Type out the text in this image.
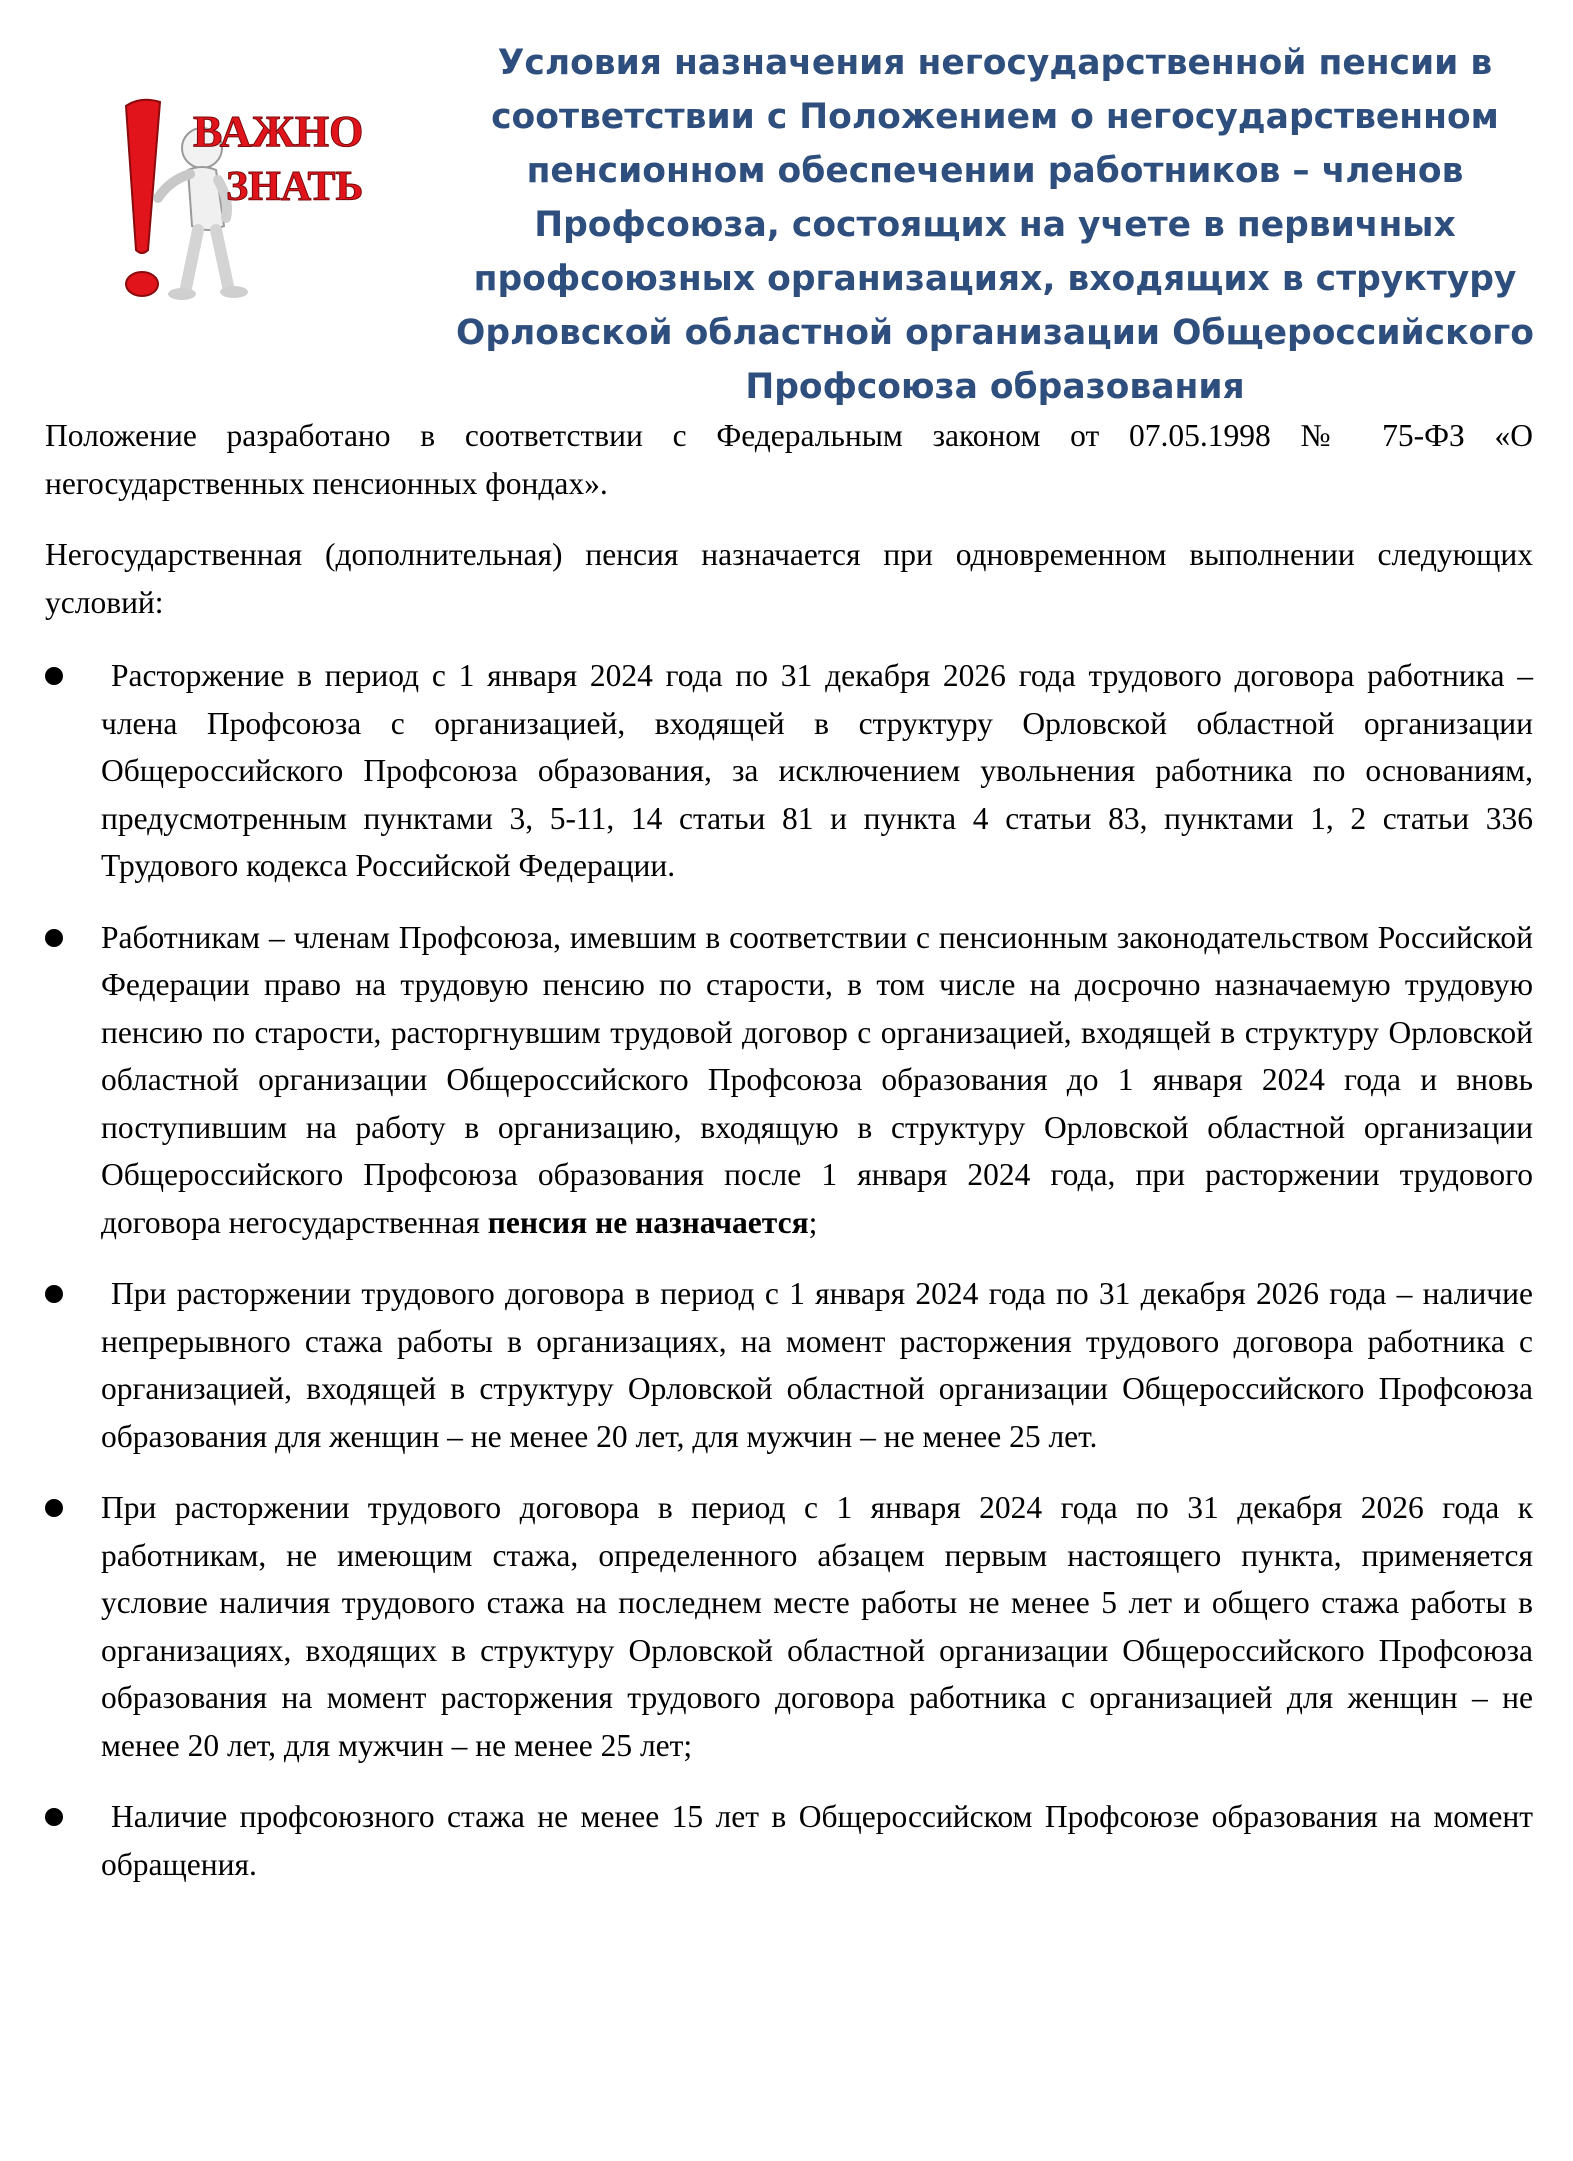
ВАЖНО
ЗНАТЬ
Условия назначения негосударственной пенсии в
соответствии с Положением о негосударственном
пенсионном обеспечении работников – членов
Профсоюза, состоящих на учете в первичных
профсоюзных организациях, входящих в структуру
Орловской областной организации Общероссийского
Профсоюза образования

Положение разработано в соответствии с Федеральным законом от 07.05.1998 № 75-ФЗ «О негосударственных пенсионных фондах».

Негосударственная (дополнительная) пенсия назначается при одновременном выполнении следующих условий:

Расторжение в период с 1 января 2024 года по 31 декабря 2026 года трудового договора работника – члена Профсоюза с организацией, входящей в структуру Орловской областной организации Общероссийского Профсоюза образования, за исключением увольнения работника по основаниям, предусмотренным пунктами 3, 5-11, 14 статьи 81 и пункта 4 статьи 83, пунктами 1, 2 статьи 336 Трудового кодекса Российской Федерации.
Работникам – членам Профсоюза, имевшим в соответствии с пенсионным законодательством Российской Федерации право на трудовую пенсию по старости, в том числе на досрочно назначаемую трудовую пенсию по старости, расторгнувшим трудовой договор с организацией, входящей в структуру Орловской областной организации Общероссийского Профсоюза образования до 1 января 2024 года и вновь поступившим на работу в организацию, входящую в структуру Орловской областной организации Общероссийского Профсоюза образования после 1 января 2024 года, при расторжении трудового договора негосударственная пенсия не назначается;
При расторжении трудового договора в период с 1 января 2024 года по 31 декабря 2026 года – наличие непрерывного стажа работы в организациях, на момент расторжения трудового договора работника с организацией, входящей в структуру Орловской областной организации Общероссийского Профсоюза образования для женщин – не менее 20 лет, для мужчин – не менее 25 лет.
При расторжении трудового договора в период с 1 января 2024 года по 31 декабря 2026 года к работникам, не имеющим стажа, определенного абзацем первым настоящего пункта, применяется условие наличия трудового стажа на последнем месте работы не менее 5 лет и общего стажа работы в организациях, входящих в структуру Орловской областной организации Общероссийского Профсоюза образования на момент расторжения трудового договора работника с организацией для женщин – не менее 20 лет, для мужчин – не менее 25 лет;
Наличие профсоюзного стажа не менее 15 лет в Общероссийском Профсоюзе образования на момент обращения.
